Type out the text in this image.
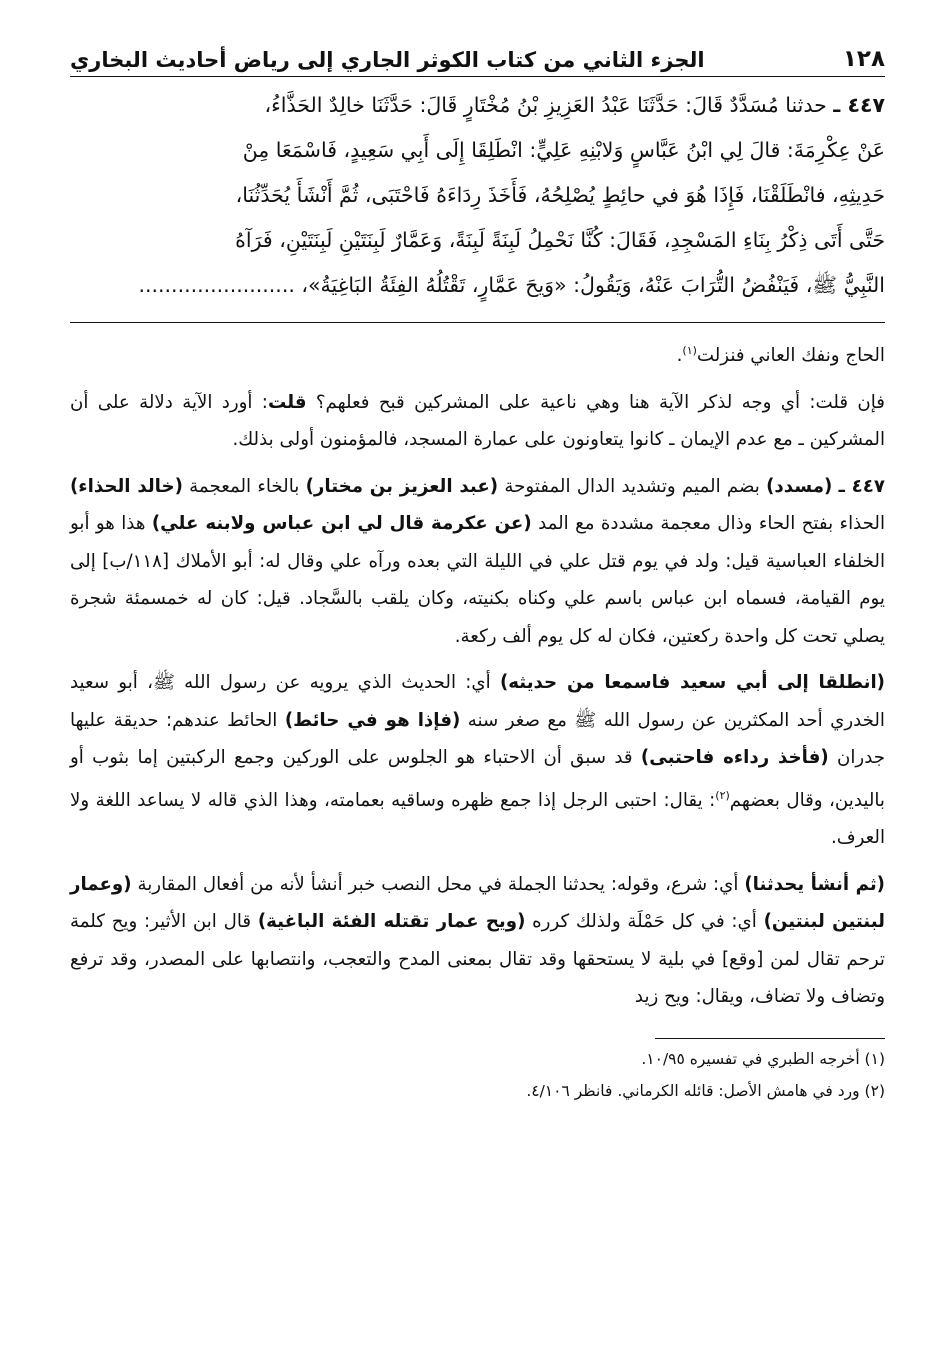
١٢٨
الجزء الثاني من كتاب الكوثر الجاري إلى رياض أحاديث البخاري
٤٤٧ ـ حدثنا مُسَدَّدٌ قَالَ: حَدَّثَنَا عَبْدُ العَزِيزِ بْنُ مُخْتَارٍ قَالَ: حَدَّثَنَا خالِدٌ الحَذَّاءُ،
عَنْ عِكْرِمَةَ: قالَ لِي ابْنُ عَبَّاسٍ وَلابْنِهِ عَلِيٍّ: انْطَلِقَا إِلَى أَبِي سَعِيدٍ، فَاسْمَعَا مِنْ
حَدِيثِهِ، فانْطَلَقْنَا، فَإِذَا هُوَ في حائِطٍ يُصْلِحُهُ، فَأَخَذَ رِدَاءَهُ فَاحْتَبَى، ثُمَّ أَنْشَأَ يُحَدِّثُنَا،
حَتَّى أَتَى ذِكْرُ بِنَاءِ المَسْجِدِ، فَقَالَ: كُنَّا نَحْمِلُ لَبِنَةً لَبِنَةً، وَعَمَّارٌ لَبِنَتَيْنِ لَبِنَتَيْنِ، فَرَآهُ
النَّبِيُّ ﷺ، فَيَنْفُضُ التُّرَابَ عَنْهُ، وَيَقُولُ: «وَيحَ عَمَّارٍ، تَقْتُلُهُ الفِئَةُ البَاغِيَةُ»، ........................

الحاج ونفك العاني فنزلت$^{(١)}$.

فإن قلت: أي وجه لذكر الآية هنا وهي ناعية على المشركين قبح فعلهم؟ قلت: أورد الآية دلالة على أن المشركين ـ مع عدم الإيمان ـ كانوا يتعاونون على عمارة المسجد، فالمؤمنون أولى بذلك.

٤٤٧ ـ (مسدد) بضم الميم وتشديد الدال المفتوحة (عبد العزيز بن مختار) بالخاء المعجمة (خالد الحذاء) الحذاء بفتح الحاء وذال معجمة مشددة مع المد (عن عكرمة قال لي ابن عباس ولابنه علي) هذا هو أبو الخلفاء العباسية قيل: ولد في يوم قتل علي في الليلة التي بعده ورآه علي وقال له: أبو الأملاك [١١٨/ب] إلى يوم القيامة، فسماه ابن عباس باسم علي وكناه بكنيته، وكان يلقب بالسَّجاد. قيل: كان له خمسمئة شجرة يصلي تحت كل واحدة ركعتين، فكان له كل يوم ألف ركعة.

(انطلقا إلى أبي سعيد فاسمعا من حديثه) أي: الحديث الذي يرويه عن رسول الله ﷺ، أبو سعيد الخدري أحد المكثرين عن رسول الله ﷺ مع صغر سنه (فإذا هو في حائط) الحائط عندهم: حديقة عليها جدران (فأخذ رداءه فاحتبى) قد سبق أن الاحتباء هو الجلوس على الوركين وجمع الركبتين إما بثوب أو باليدين، وقال بعضهم$^{(٢)}$: يقال: احتبى الرجل إذا جمع ظهره وساقيه بعمامته، وهذا الذي قاله لا يساعد اللغة ولا العرف.

(ثم أنشأ يحدثنا) أي: شرع، وقوله: يحدثنا الجملة في محل النصب خبر أنشأ لأنه من أفعال المقاربة (وعمار لبنتين لبنتين) أي: في كل حَمْلَة ولذلك كرره (ويح عمار تقتله الفئة الباغية) قال ابن الأثير: ويح كلمة ترحم تقال لمن [وقع] في بلية لا يستحقها وقد تقال بمعنى المدح والتعجب، وانتصابها على المصدر، وقد ترفع وتضاف ولا تضاف، ويقال: ويح زيد

(١) أخرجه الطبري في تفسيره ١٠/٩٥.
(٢) ورد في هامش الأصل: قائله الكرماني. فانظر ٤/١٠٦.
